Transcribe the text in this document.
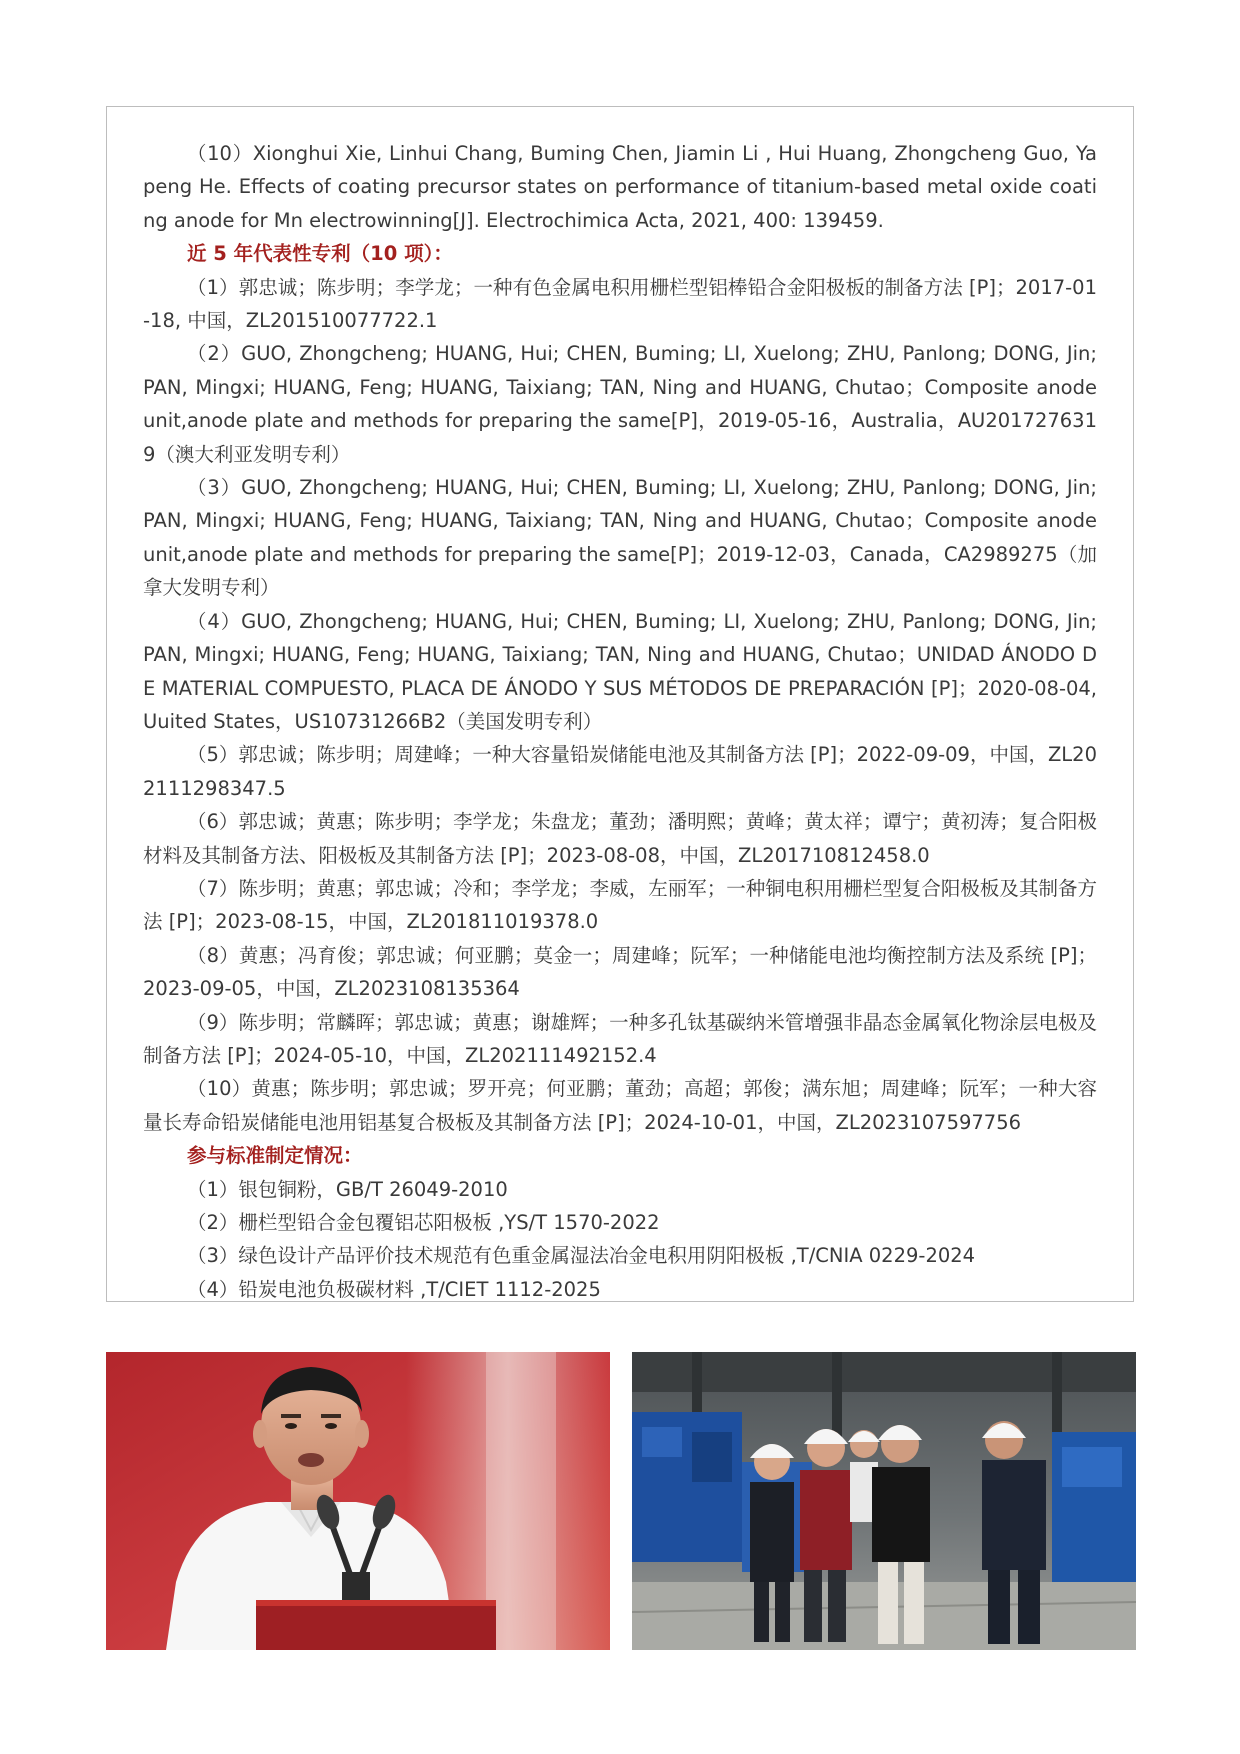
（10）Xionghui Xie, Linhui Chang, Buming Chen, Jiamin Li , Hui Huang, Zhongcheng Guo, Yapeng He. Effects of coating precursor states on performance of titanium-based metal oxide coating anode for Mn electrowinning[J]. Electrochimica Acta, 2021, 400: 139459.

近 5 年代表性专利（10 项）：

（1）郭忠诚；陈步明；李学龙；一种有色金属电积用栅栏型铝棒铅合金阳极板的制备方法 [P]；2017-01-18, 中国，ZL201510077722.1

（2）GUO, Zhongcheng; HUANG, Hui; CHEN, Buming; LI, Xuelong; ZHU, Panlong; DONG, Jin; PAN, Mingxi; HUANG, Feng; HUANG, Taixiang; TAN, Ning and HUANG, Chutao；Composite anode unit,anode plate and methods for preparing the same[P]，2019-05-16，Australia，AU2017276319（澳大利亚发明专利）

（3）GUO, Zhongcheng; HUANG, Hui; CHEN, Buming; LI, Xuelong; ZHU, Panlong; DONG, Jin; PAN, Mingxi; HUANG, Feng; HUANG, Taixiang; TAN, Ning and HUANG, Chutao；Composite anode unit,anode plate and methods for preparing the same[P]；2019-12-03，Canada，CA2989275（加拿大发明专利）

（4）GUO, Zhongcheng; HUANG, Hui; CHEN, Buming; LI, Xuelong; ZHU, Panlong; DONG, Jin; PAN, Mingxi; HUANG, Feng; HUANG, Taixiang; TAN, Ning and HUANG, Chutao；UNIDAD ÁNODO DE MATERIAL COMPUESTO, PLACA DE ÁNODO Y SUS MÉTODOS DE PREPARACIÓN [P]；2020-08-04, Uuited States，US10731266B2（美国发明专利）

（5）郭忠诚；陈步明；周建峰；一种大容量铅炭储能电池及其制备方法 [P]；2022-09-09，中国，ZL202111298347.5

（6）郭忠诚；黄惠；陈步明；李学龙；朱盘龙；董劲；潘明熙；黄峰；黄太祥；谭宁；黄初涛；复合阳极材料及其制备方法、阳极板及其制备方法 [P]；2023-08-08，中国，ZL201710812458.0

（7）陈步明；黄惠；郭忠诚；冷和；李学龙；李威，左丽军；一种铜电积用栅栏型复合阳极板及其制备方法 [P]；2023-08-15，中国，ZL201811019378.0

（8）黄惠；冯育俊；郭忠诚；何亚鹏；莫金一；周建峰；阮军；一种储能电池均衡控制方法及系统 [P]；2023-09-05，中国，ZL2023108135364

（9）陈步明；常麟晖；郭忠诚；黄惠；谢雄辉；一种多孔钛基碳纳米管增强非晶态金属氧化物涂层电极及制备方法 [P]；2024-05-10，中国，ZL202111492152.4

（10）黄惠；陈步明；郭忠诚；罗开亮；何亚鹏；董劲；高超；郭俊；满东旭；周建峰；阮军；一种大容量长寿命铅炭储能电池用铝基复合极板及其制备方法 [P]；2024-10-01，中国，ZL2023107597756

参与标准制定情况：

（1）银包铜粉，GB/T 26049-2010

（2）栅栏型铅合金包覆铝芯阳极板 ,YS/T 1570-2022

（3）绿色设计产品评价技术规范有色重金属湿法冶金电积用阴阳极板 ,T/CNIA 0229-2024

（4）铅炭电池负极碳材料 ,T/CIET 1112-2025
